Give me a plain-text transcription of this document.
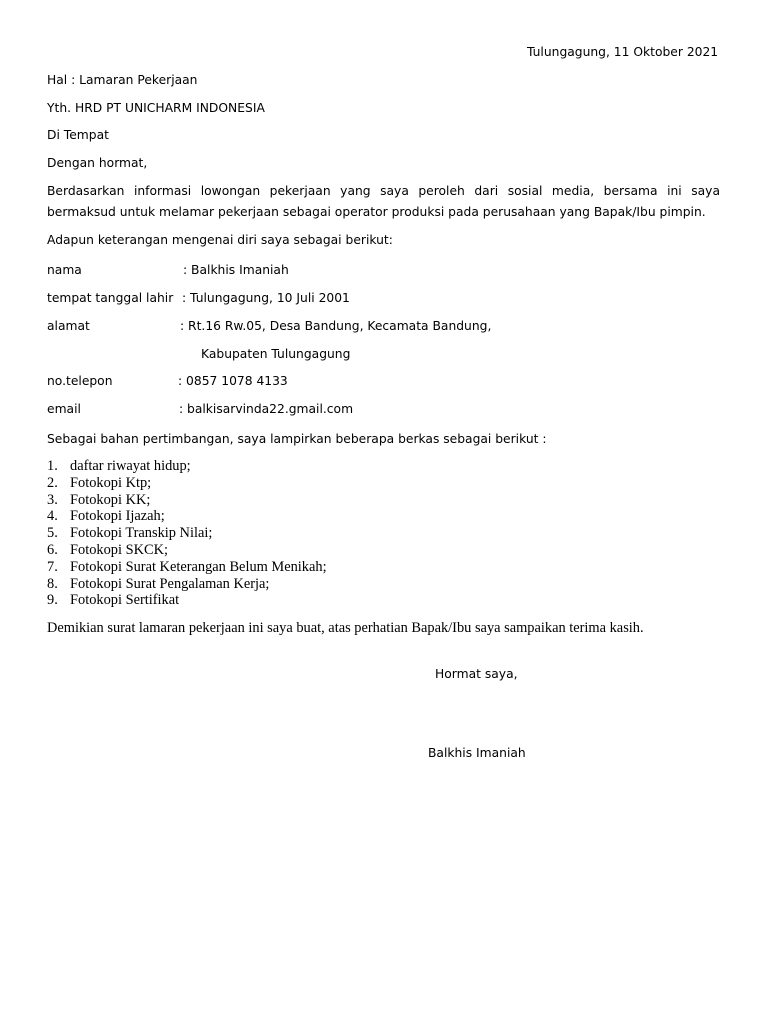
Tulungagung, 11 Oktober 2021
Hal : Lamaran Pekerjaan
Yth. HRD PT UNICHARM INDONESIA
Di Tempat
Dengan hormat,
Berdasarkan informasi lowongan pekerjaan yang saya peroleh dari sosial media, bersama ini saya
bermaksud untuk melamar pekerjaan sebagai operator produksi pada perusahaan yang Bapak/Ibu pimpin.
Adapun keterangan mengenai diri saya sebagai berikut:
nama	: Balkhis Imaniah
tempat tanggal lahir : Tulungagung, 10 Juli 2001
alamat	: Rt.16 Rw.05, Desa Bandung, Kecamata Bandung,
Kabupaten Tulungagung
no.telepon	: 0857 1078 4133
email	: balkisarvinda22.gmail.com
Sebagai bahan pertimbangan, saya lampirkan beberapa berkas sebagai berikut :
1. daftar riwayat hidup;
2. Fotokopi Ktp;
3. Fotokopi KK;
4. Fotokopi Ijazah;
5. Fotokopi Transkip Nilai;
6. Fotokopi SKCK;
7. Fotokopi Surat Keterangan Belum Menikah;
8. Fotokopi Surat Pengalaman Kerja;
9. Fotokopi Sertifikat
Demikian surat lamaran pekerjaan ini saya buat, atas perhatian Bapak/Ibu saya sampaikan terima kasih.
Hormat saya,
Balkhis Imaniah
